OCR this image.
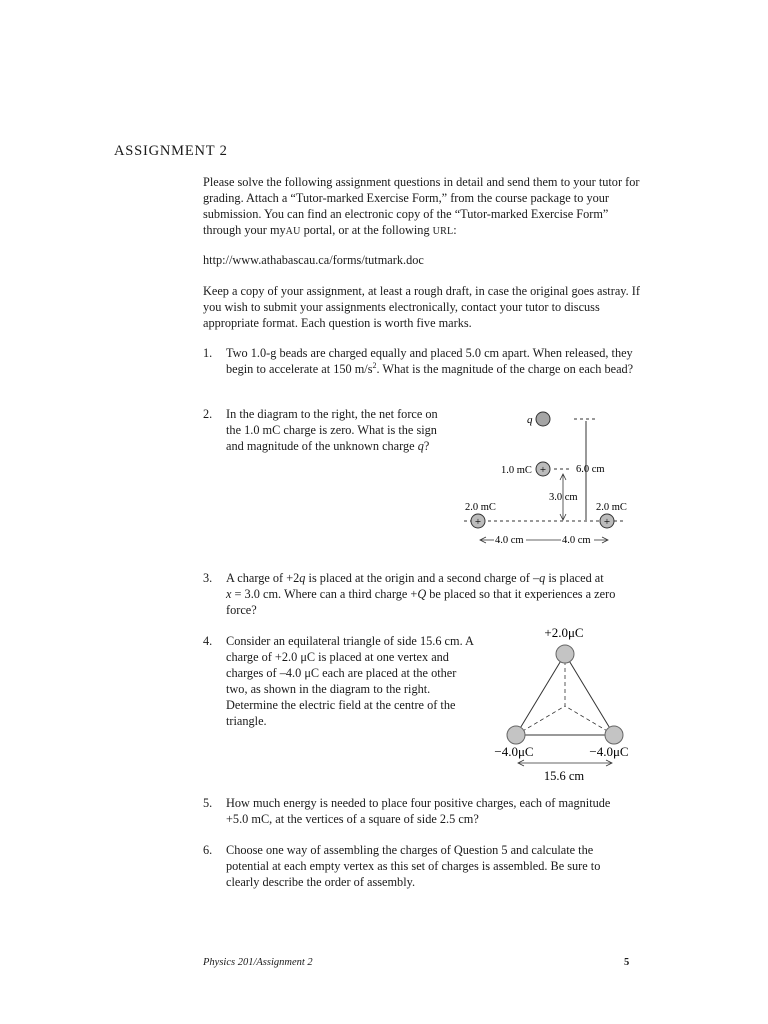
ASSIGNMENT 2

Please solve the following assignment questions in detail and send them to your tutor for grading. Attach a “Tutor-marked Exercise Form,” from the course package to your submission. You can find an electronic copy of the “Tutor-marked Exercise Form” through your myAU portal, or at the following URL:

http://www.athabascau.ca/forms/tutmark.doc

Keep a copy of your assignment, at least a rough draft, in case the original goes astray. If you wish to submit your assignments electronically, contact your tutor to discuss appropriate format. Each question is worth five marks.

1. Two 1.0-g beads are charged equally and placed 5.0 cm apart. When released, they begin to accelerate at 150 $m/s^2$. What is the magnitude of the charge on each bead?

2. In the diagram to the right, the net force on
the 1.0 mC charge is zero. What is the sign
and magnitude of the unknown charge q?
q
6.0 cm
1.0 mC +
3.0 cm
2.0 mC	2.0 mC
+	+
4.0 cm	4.0 cm
3. A charge of +2q is placed at the origin and a second charge of –q is placed at
x = 3.0 cm. Where can a third charge +Q be placed so that it experiences a zero
force?
4. Consider an equilateral triangle of side 15.6 cm. A
charge of +2.0 μC is placed at one vertex and
charges of –4.0 μC each are placed at the other
two, as shown in the diagram to the right.
Determine the electric field at the centre of the
triangle.
+2.0μC
−4.0μC	−4.0μC
15.6 cm
5. How much energy is needed to place four positive charges, each of magnitude
+5.0 mC, at the vertices of a square of side 2.5 cm?
6. Choose one way of assembling the charges of Question 5 and calculate the
potential at each empty vertex as this set of charges is assembled. Be sure to
clearly describe the order of assembly.
Physics 201/Assignment 2	5
